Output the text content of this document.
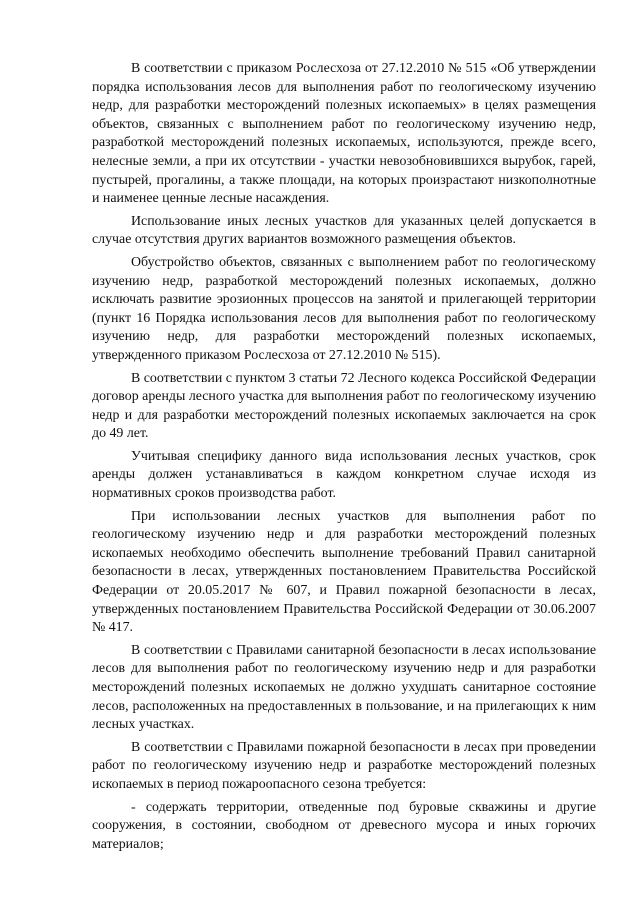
В соответствии с приказом Рослесхоза от 27.12.2010 № 515 «Об утверждении порядка использования лесов для выполнения работ по геологическому изучению недр, для разработки месторождений полезных ископаемых» в целях размещения объектов, связанных с выполнением работ по геологическому изучению недр, разработкой месторождений полезных ископаемых, используются, прежде всего, нелесные земли, а при их отсутствии - участки невозобновившихся вырубок, гарей, пустырей, прогалины, а также площади, на которых произрастают низкополнотные и наименее ценные лесные насаждения.

Использование иных лесных участков для указанных целей допускается в случае отсутствия других вариантов возможного размещения объектов.

Обустройство объектов, связанных с выполнением работ по геологическому изучению недр, разработкой месторождений полезных ископаемых, должно исключать развитие эрозионных процессов на занятой и прилегающей территории (пункт 16 Порядка использования лесов для выполнения работ по геологическому изучению недр, для разработки месторождений полезных ископаемых, утвержденного приказом Рослесхоза от 27.12.2010 № 515).

В соответствии с пунктом 3 статьи 72 Лесного кодекса Российской Федерации договор аренды лесного участка для выполнения работ по геологическому изучению недр и для разработки месторождений полезных ископаемых заключается на срок до 49 лет.

Учитывая специфику данного вида использования лесных участков, срок аренды должен устанавливаться в каждом конкретном случае исходя из нормативных сроков производства работ.

При использовании лесных участков для выполнения работ по геологическому изучению недр и для разработки месторождений полезных ископаемых необходимо обеспечить выполнение требований Правил санитарной безопасности в лесах, утвержденных постановлением Правительства Российской Федерации от 20.05.2017 № 607, и Правил пожарной безопасности в лесах, утвержденных постановлением Правительства Российской Федерации от 30.06.2007 № 417.

В соответствии с Правилами санитарной безопасности в лесах использование лесов для выполнения работ по геологическому изучению недр и для разработки месторождений полезных ископаемых не должно ухудшать санитарное состояние лесов, расположенных на предоставленных в пользование, и на прилегающих к ним лесных участках.

В соответствии с Правилами пожарной безопасности в лесах при проведении работ по геологическому изучению недр и разработке месторождений полезных ископаемых в период пожароопасного сезона требуется:

- содержать территории, отведенные под буровые скважины и другие сооружения, в состоянии, свободном от древесного мусора и иных горючих материалов;
